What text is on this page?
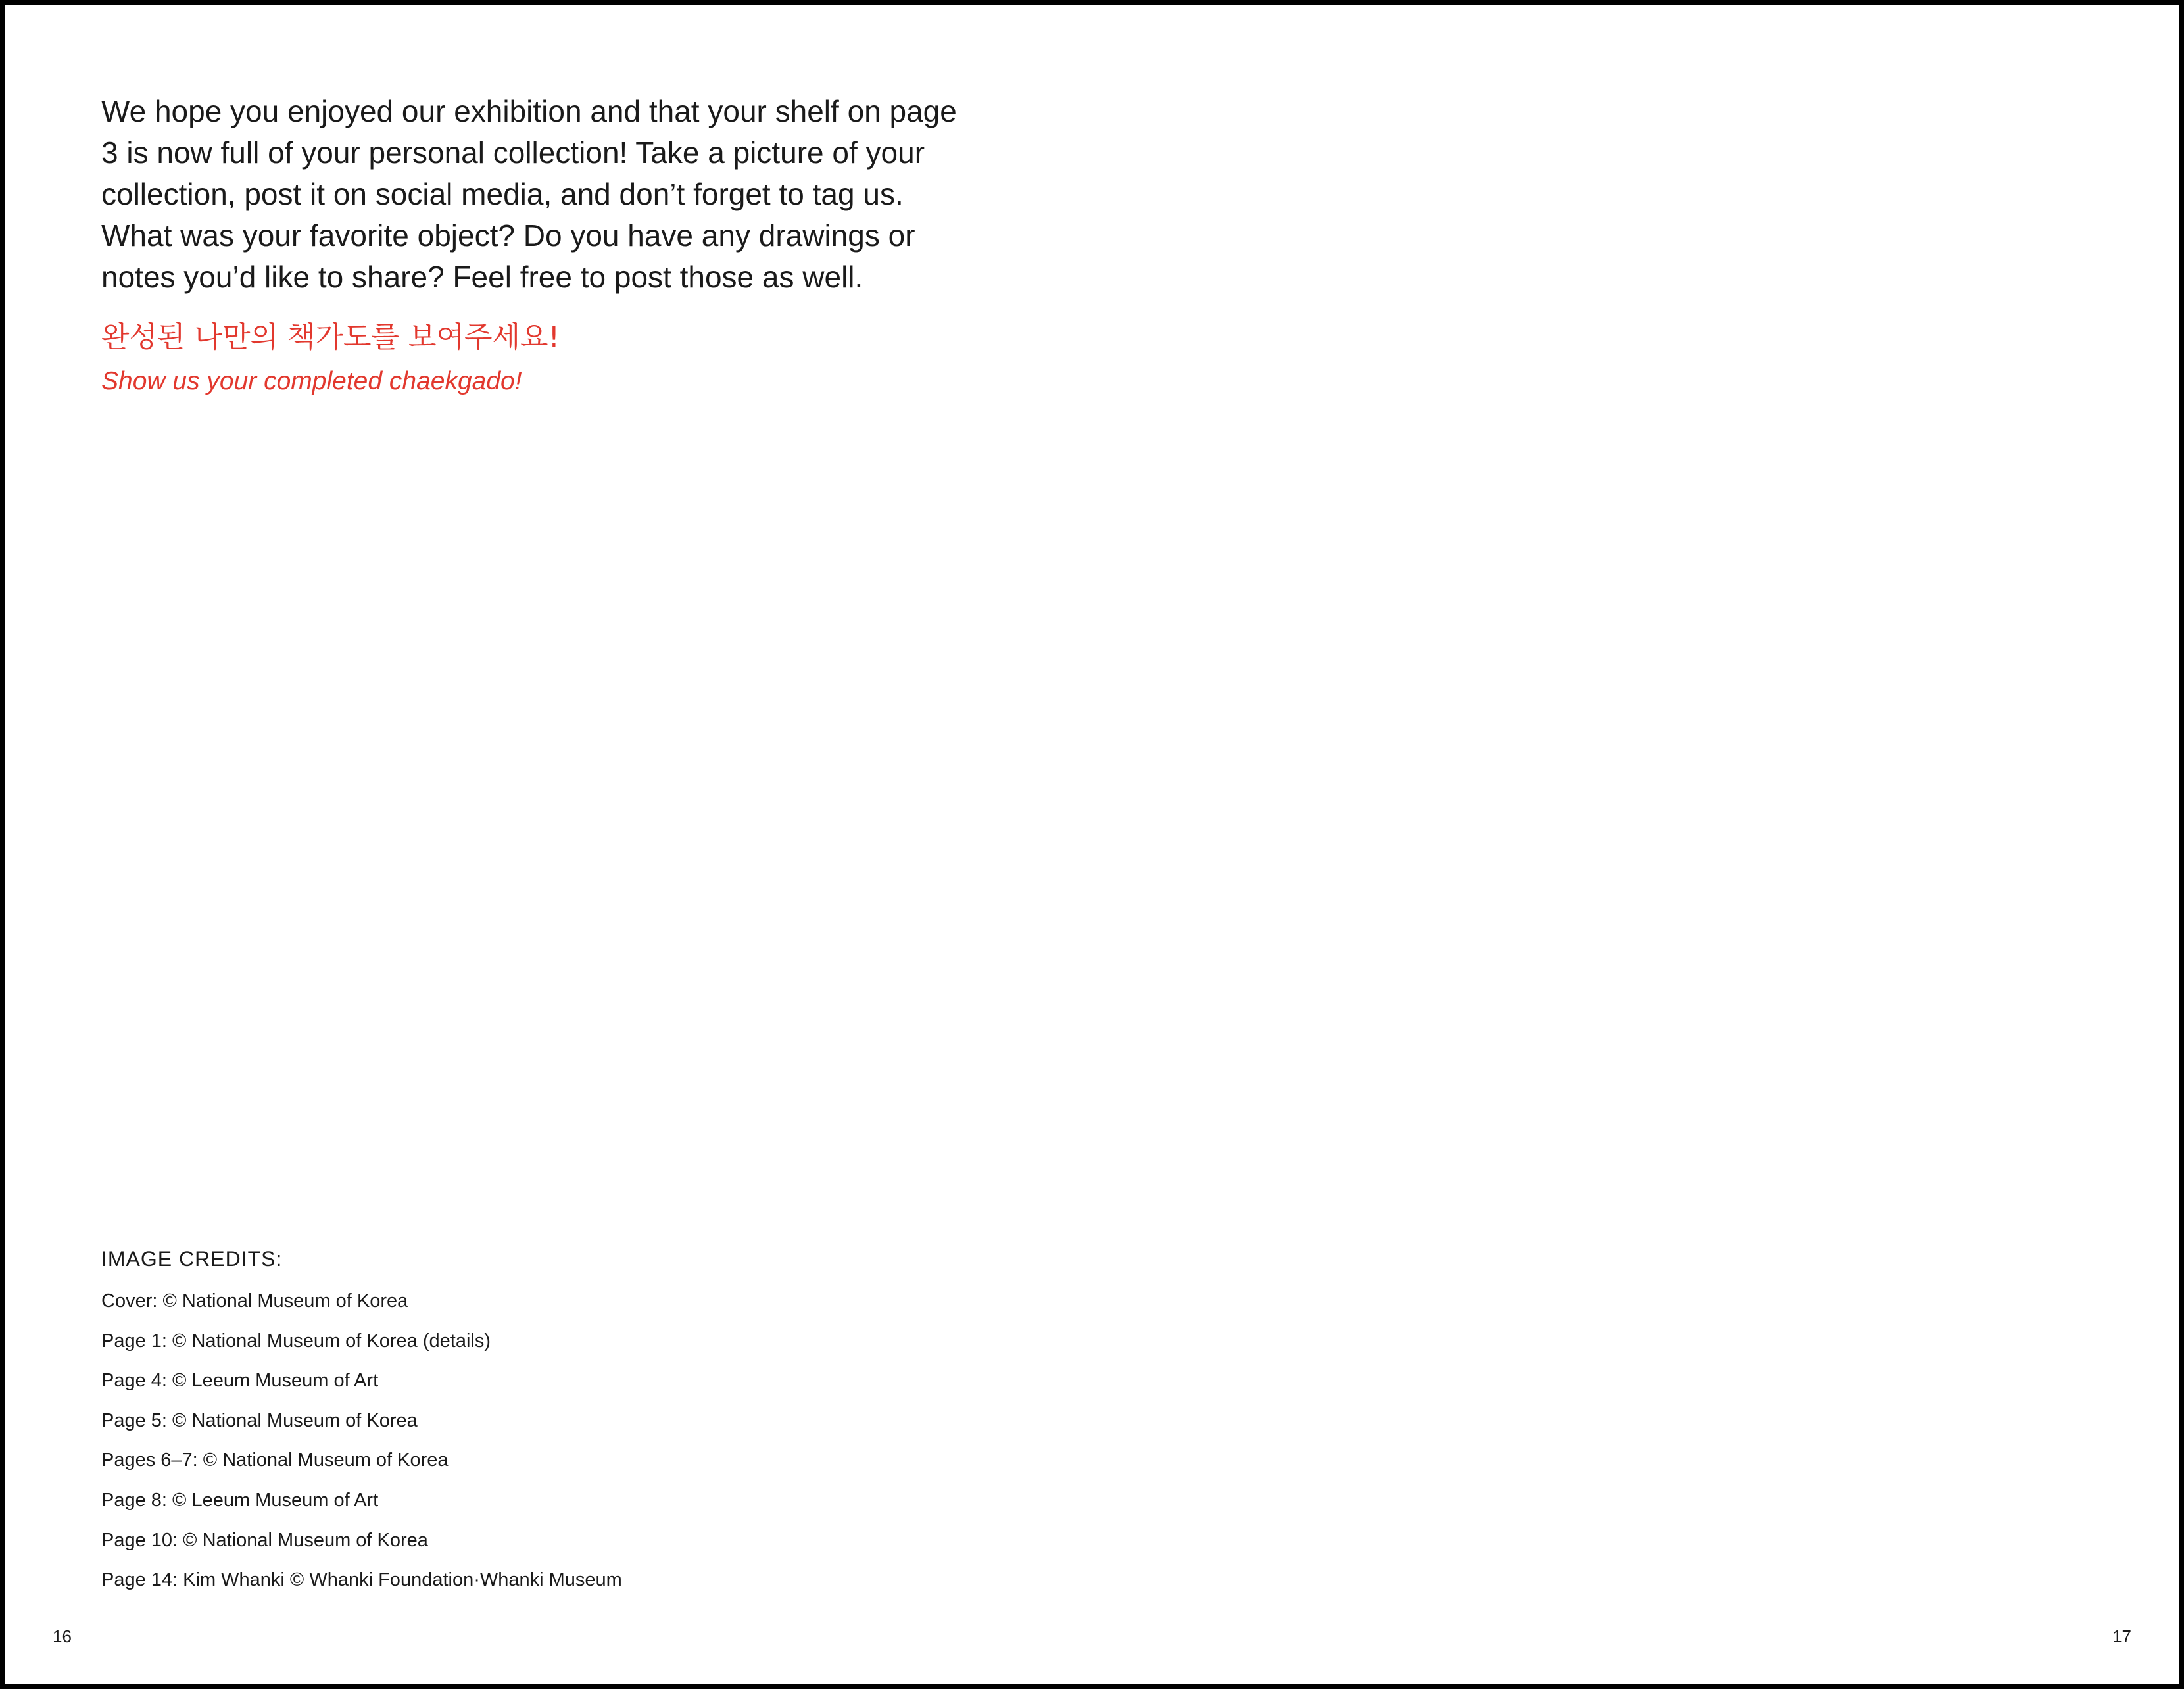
We hope you enjoyed our exhibition and that your shelf on page
3 is now full of your personal collection! Take a picture of your
collection, post it on social media, and don’t forget to tag us.
What was your favorite object? Do you have any drawings or
notes you’d like to share? Feel free to post those as well.

완성된 나만의 책가도를 보여주세요!
Show us your completed chaekgado!
IMAGE CREDITS:
Cover: © National Museum of Korea
Page 1: © National Museum of Korea (details)
Page 4: © Leeum Museum of Art
Page 5: © National Museum of Korea
Pages 6–7: © National Museum of Korea
Page 8: © Leeum Museum of Art
Page 10: © National Museum of Korea
Page 14: Kim Whanki © Whanki Foundation·Whanki Museum
16	17
